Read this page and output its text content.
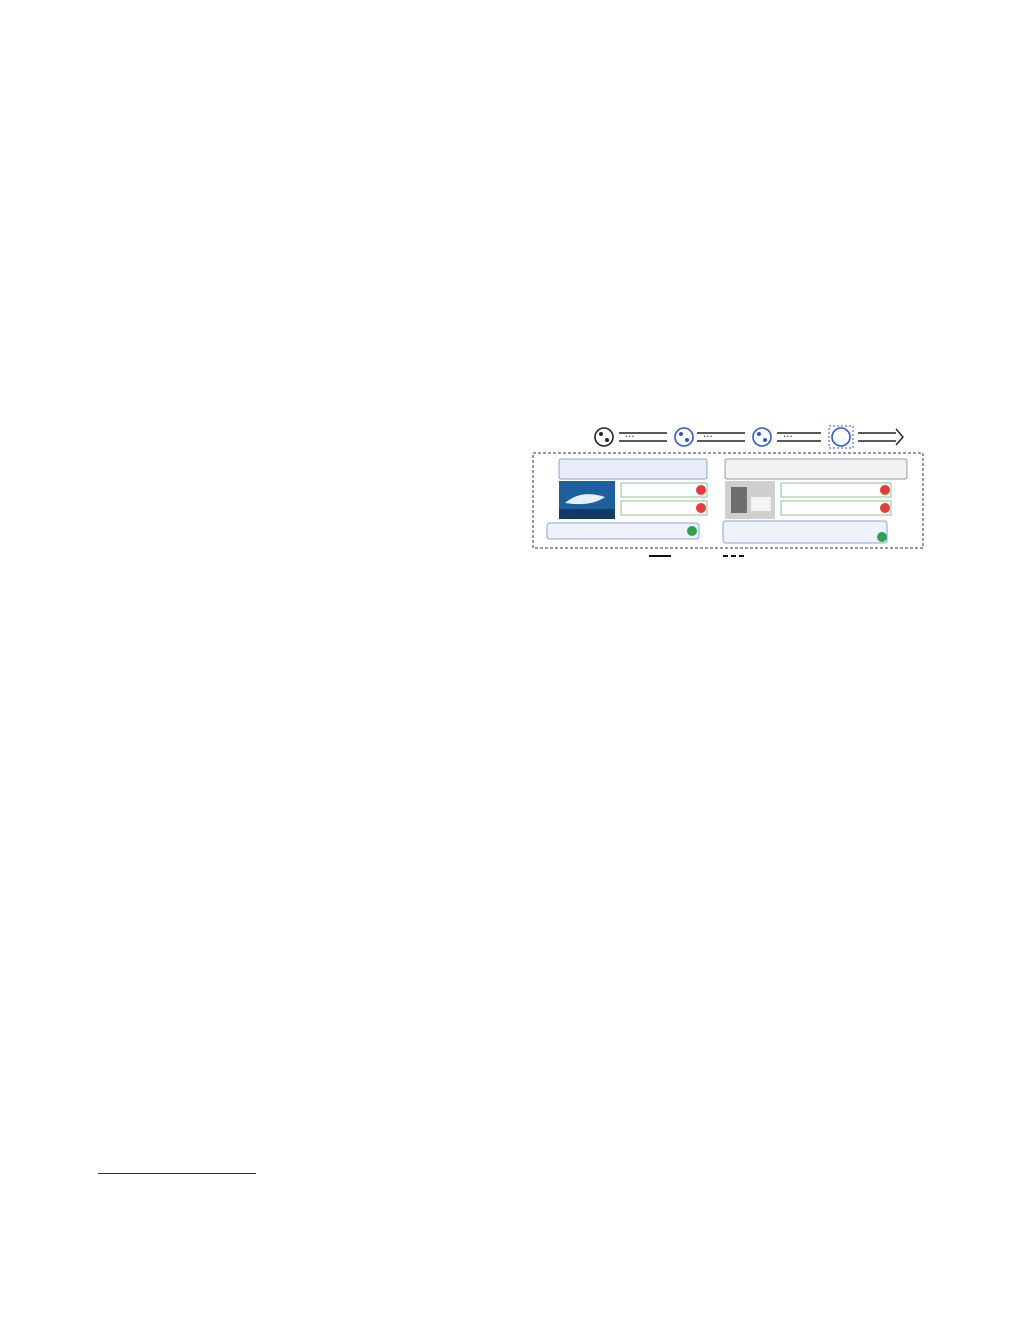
···	···	···
